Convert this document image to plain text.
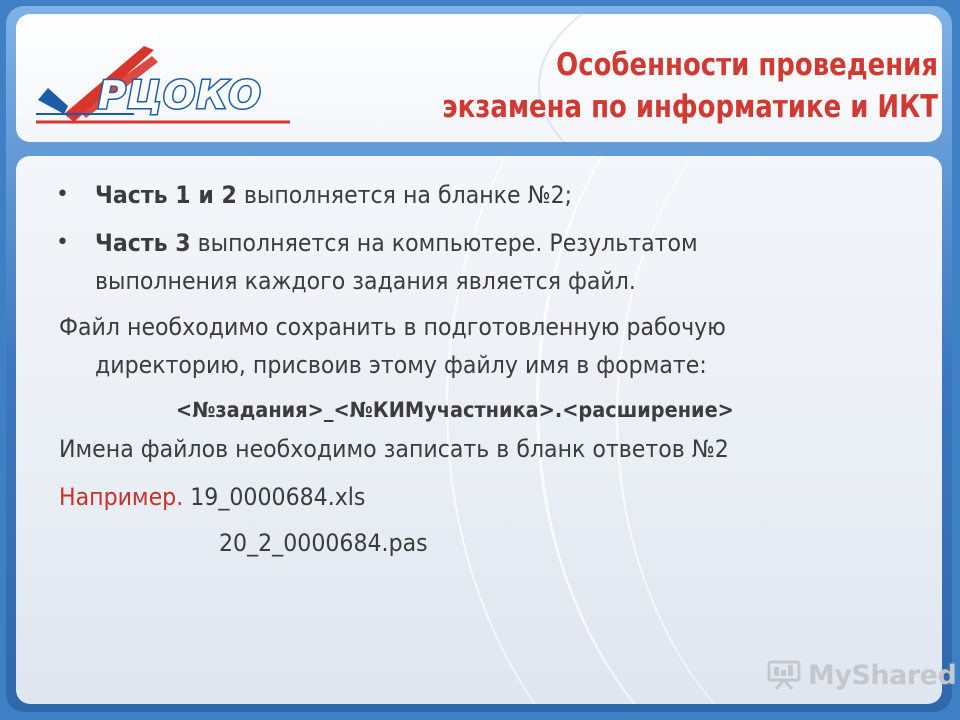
РЦОКО
Особенности проведения
экзамена по информатике и ИКТ
• Часть 1 и 2 выполняется на бланке №2;
• Часть 3 выполняется на компьютере. Результатом
выполнения каждого задания является файл.
Файл необходимо сохранить в подготовленную рабочую
директорию, присвоив этому файлу имя в формате:
<№задания>_<№КИМучастника>.<расширение>
Имена файлов необходимо записать в бланк ответов №2
Например. 19_0000684.xls
20_2_0000684.pas
MyShared
